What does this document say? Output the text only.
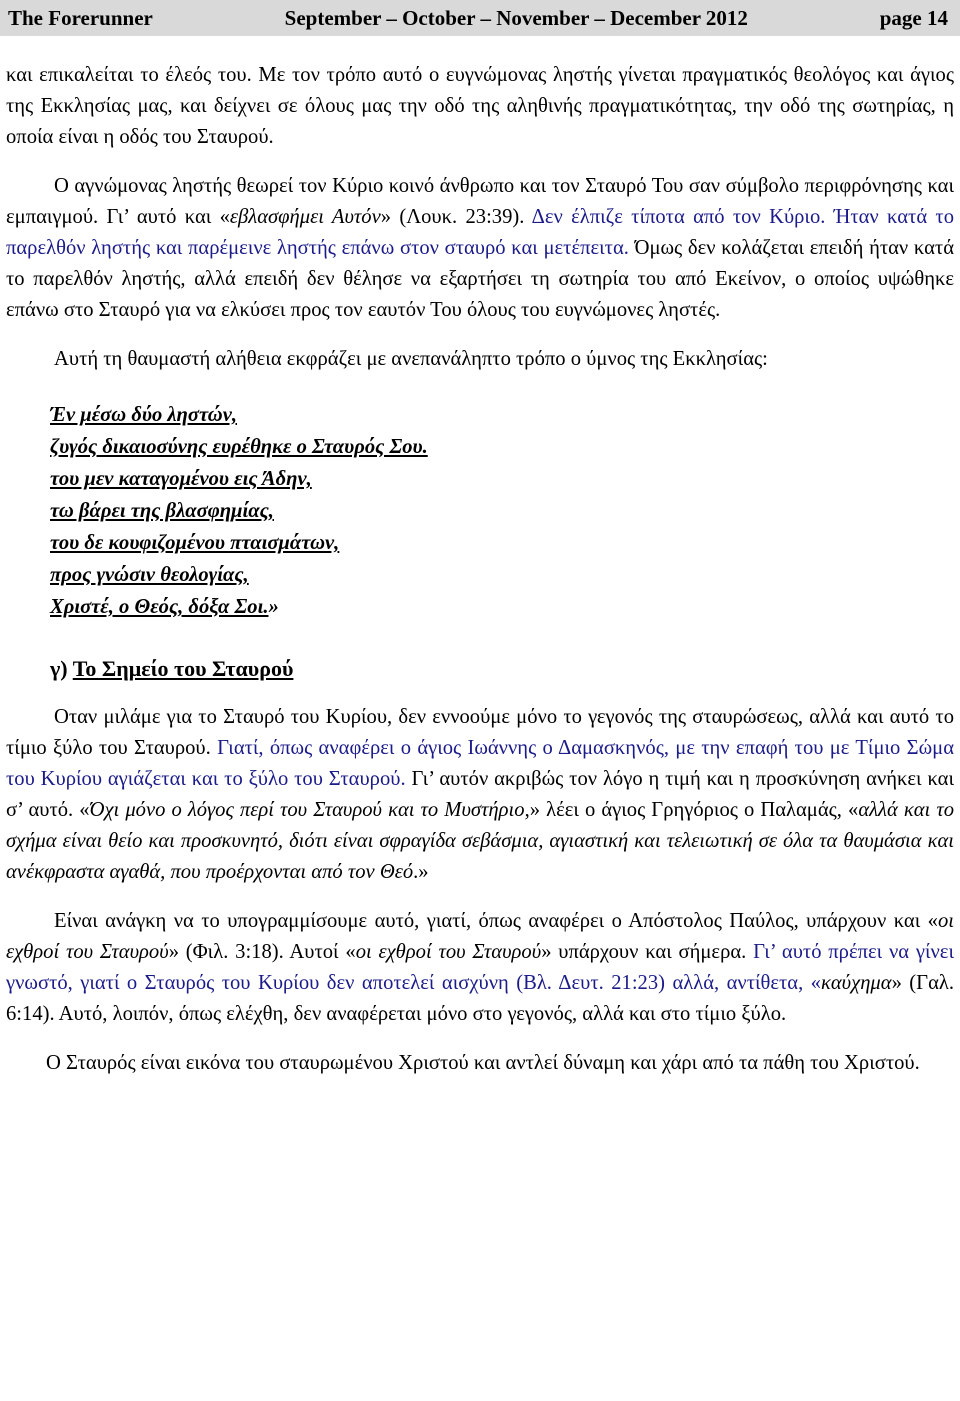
The Forerunner	September – October – November – December 2012	page 14

και επικαλείται το έλεός του. Με τον τρόπο αυτό ο ευγνώμονας ληστής γίνεται πραγματικός θεολόγος και άγιος της Εκκλησίας μας, και δείχνει σε όλους μας την οδό της αληθινής πραγματικότητας, την οδό της σωτηρίας, η οποία είναι η οδός του Σταυρού.

Ο αγνώμονας ληστής θεωρεί τον Κύριο κοινό άνθρωπο και τον Σταυρό Του σαν σύμβολο περιφρόνησης και εμπαιγμού. Γι’ αυτό και «εβλασφήμει Αυτόν» (Λουκ. 23:39). Δεν έλπιζε τίποτα από τον Κύριο. Ήταν κατά το παρελθόν ληστής και παρέμεινε ληστής επάνω στον σταυρό και μετέπειτα. Όμως δεν κολάζεται επειδή ήταν κατά το παρελθόν ληστής, αλλά επειδή δεν θέλησε να εξαρτήσει τη σωτηρία του από Εκείνον, ο οποίος υψώθηκε επάνω στο Σταυρό για να ελκύσει προς τον εαυτόν Του όλους του ευγνώμονες ληστές.

Αυτή τη θαυμαστή αλήθεια εκφράζει με ανεπανάληπτο τρόπο ο ύμνος της Εκκλησίας:

Έν μέσω δύο ληστών,
ζυγός δικαιοσύνης ευρέθηκε ο Σταυρός Σου.
του μεν καταγομένου εις Άδην,
τω βάρει της βλασφημίας,
του δε κουφιζομένου πταισμάτων,
προς γνώσιν θεολογίας,
Χριστέ, ο Θεός, δόξα Σοι.»
γ) Το Σημείο του Σταυρού

Οταν μιλάμε για το Σταυρό του Κυρίου, δεν εννοούμε μόνο το γεγονός της σταυρώσεως, αλλά και αυτό το τίμιο ξύλο του Σταυρού. Γιατί, όπως αναφέρει ο άγιος Ιωάννης ο Δαμασκηνός, με την επαφή του με Τίμιο Σώμα του Κυρίου αγιάζεται και το ξύλο του Σταυρού. Γι’ αυτόν ακριβώς τον λόγο η τιμή και η προσκύνηση ανήκει και σ’ αυτό. «Όχι μόνο ο λόγος περί του Σταυρού και το Μυστήριο,» λέει ο άγιος Γρηγόριος ο Παλαμάς, «αλλά και το σχήμα είναι θείο και προσκυνητό, διότι είναι σφραγίδα σεβάσμια, αγιαστική και τελειωτική σε όλα τα θαυμάσια και ανέκφραστα αγαθά, που προέρχονται από τον Θεό.»

Είναι ανάγκη να το υπογραμμίσουμε αυτό, γιατί, όπως αναφέρει ο Απόστολος Παύλος, υπάρχουν και «οι εχθροί του Σταυρού» (Φιλ. 3:18). Αυτοί «οι εχθροί του Σταυρού» υπάρχουν και σήμερα. Γι’ αυτό πρέπει να γίνει γνωστό, γιατί ο Σταυρός του Κυρίου δεν αποτελεί αισχύνη (Βλ. Δευτ. 21:23) αλλά, αντίθετα, «καύχημα» (Γαλ. 6:14). Αυτό, λοιπόν, όπως ελέχθη, δεν αναφέρεται μόνο στο γεγονός, αλλά και στο τίμιο ξύλο.

Ο Σταυρός είναι εικόνα του σταυρωμένου Χριστού και αντλεί δύναμη και χάρι από τα πάθη του Χριστού.
